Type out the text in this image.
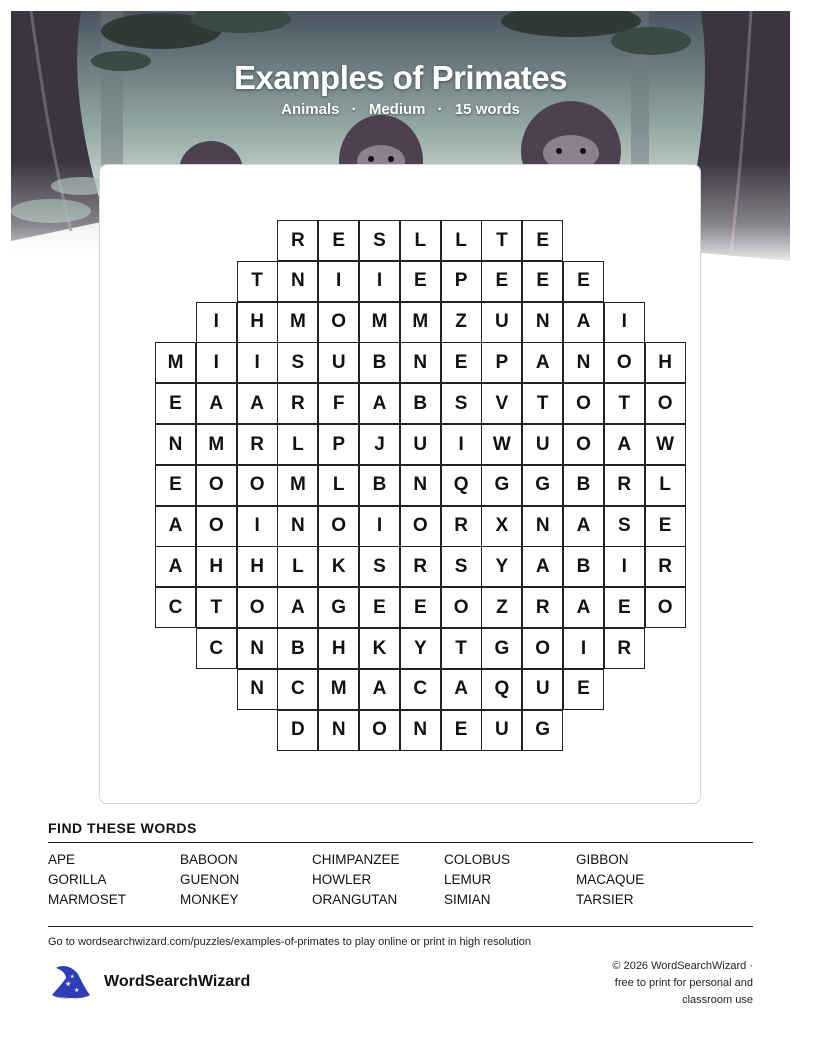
Examples of Primates
Animals · Medium · 15 words
R	E	S	L	L	T	E
T	N	I	I	E	P	E	E	E
I	H	M	O	M	M	Z	U	N	A	I
M	I	I	S	U	B	N	E	P	A	N	O	H
E	A	A	R	F	A	B	S	V	T	O	T	O
N	M	R	L	P	J	U	I	W	U	O	A	W
E	O	O	M	L	B	N	Q	G	G	B	R	L
A	O	I	N	O	I	O	R	X	N	A	S	E
A	H	H	L	K	S	R	S	Y	A	B	I	R
C	T	O	A	G	E	E	O	Z	R	A	E	O
C	N	B	H	K	Y	T	G	O	I	R
N	C	M	A	C	A	Q	U	E
D	N	O	N	E	U	G
FIND THESE WORDS
APE	BABOON	CHIMPANZEE	COLOBUS	GIBBON
GORILLA	GUENON	HOWLER	LEMUR	MACAQUE
MARMOSET	MONKEY	ORANGUTAN	SIMIAN	TARSIER
Go to wordsearchwizard.com/puzzles/examples-of-primates to play online or print in high resolution
★
★
★ WordSearchWizard
© 2026 WordSearchWizard ·
free to print for personal and
classroom use
